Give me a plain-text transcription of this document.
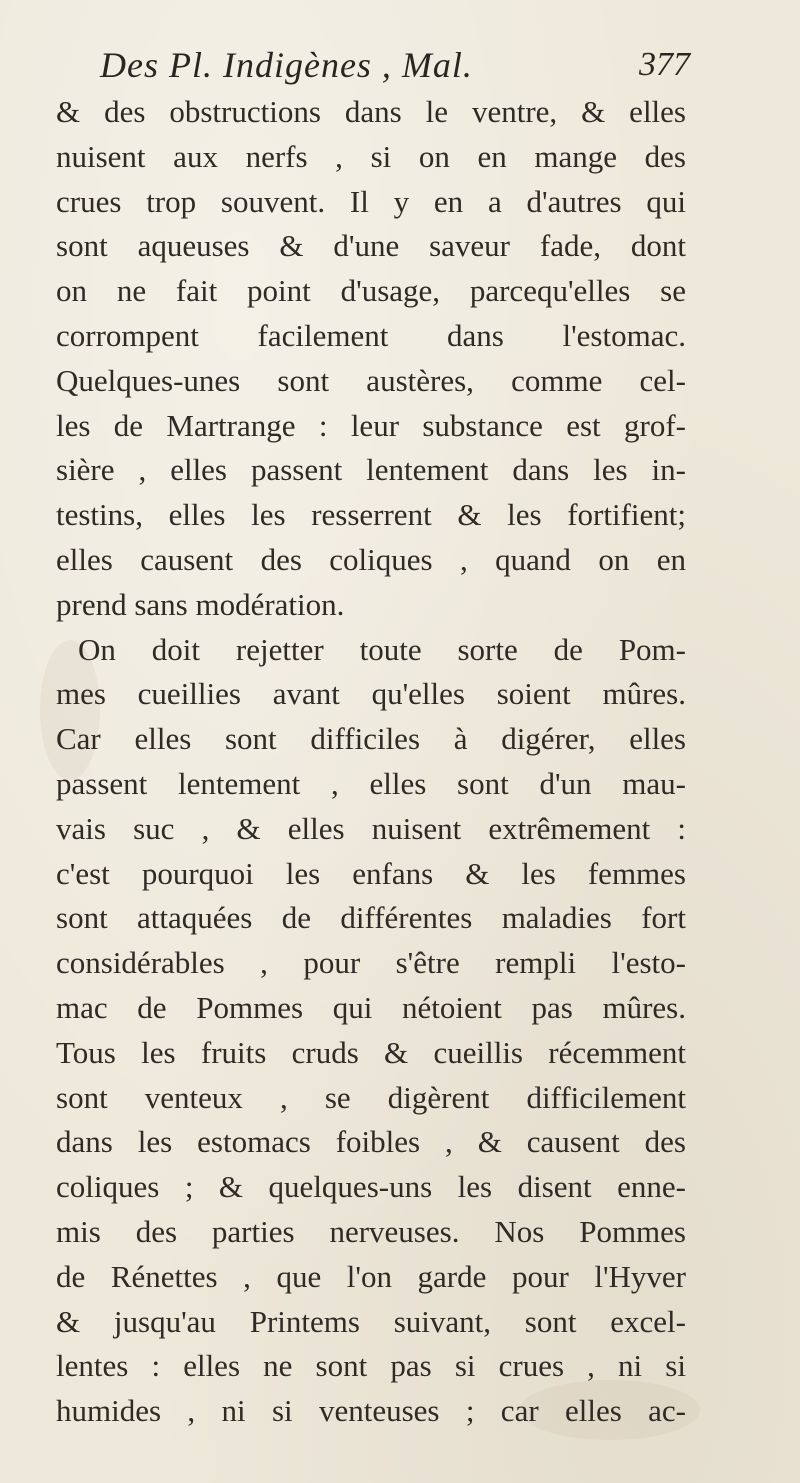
Des Pl. Indigènes , Mal.	377
& des obstructions dans le ventre, & elles
nuisent aux nerfs , si on en mange des
crues trop souvent. Il y en a d'autres qui
sont aqueuses & d'une saveur fade, dont
on ne fait point d'usage, parcequ'elles se
corrompent facilement dans l'estomac.
Quelques-unes sont austères, comme cel-
les de Martrange : leur substance est grof-
sière , elles passent lentement dans les in-
testins, elles les resserrent & les fortifient;
elles causent des coliques , quand on en
prend sans modération.
On doit rejetter toute sorte de Pom-
mes cueillies avant qu'elles soient mûres.
Car elles sont difficiles à digérer, elles
passent lentement , elles sont d'un mau-
vais suc , & elles nuisent extrêmement :
c'est pourquoi les enfans & les femmes
sont attaquées de différentes maladies fort
considérables , pour s'être rempli l'esto-
mac de Pommes qui nétoient pas mûres.
Tous les fruits cruds & cueillis récemment
sont venteux , se digèrent difficilement
dans les estomacs foibles , & causent des
coliques ; & quelques-uns les disent enne-
mis des parties nerveuses. Nos Pommes
de Rénettes , que l'on garde pour l'Hyver
& jusqu'au Printems suivant, sont excel-
lentes : elles ne sont pas si crues , ni si
humides , ni si venteuses ; car elles ac-
